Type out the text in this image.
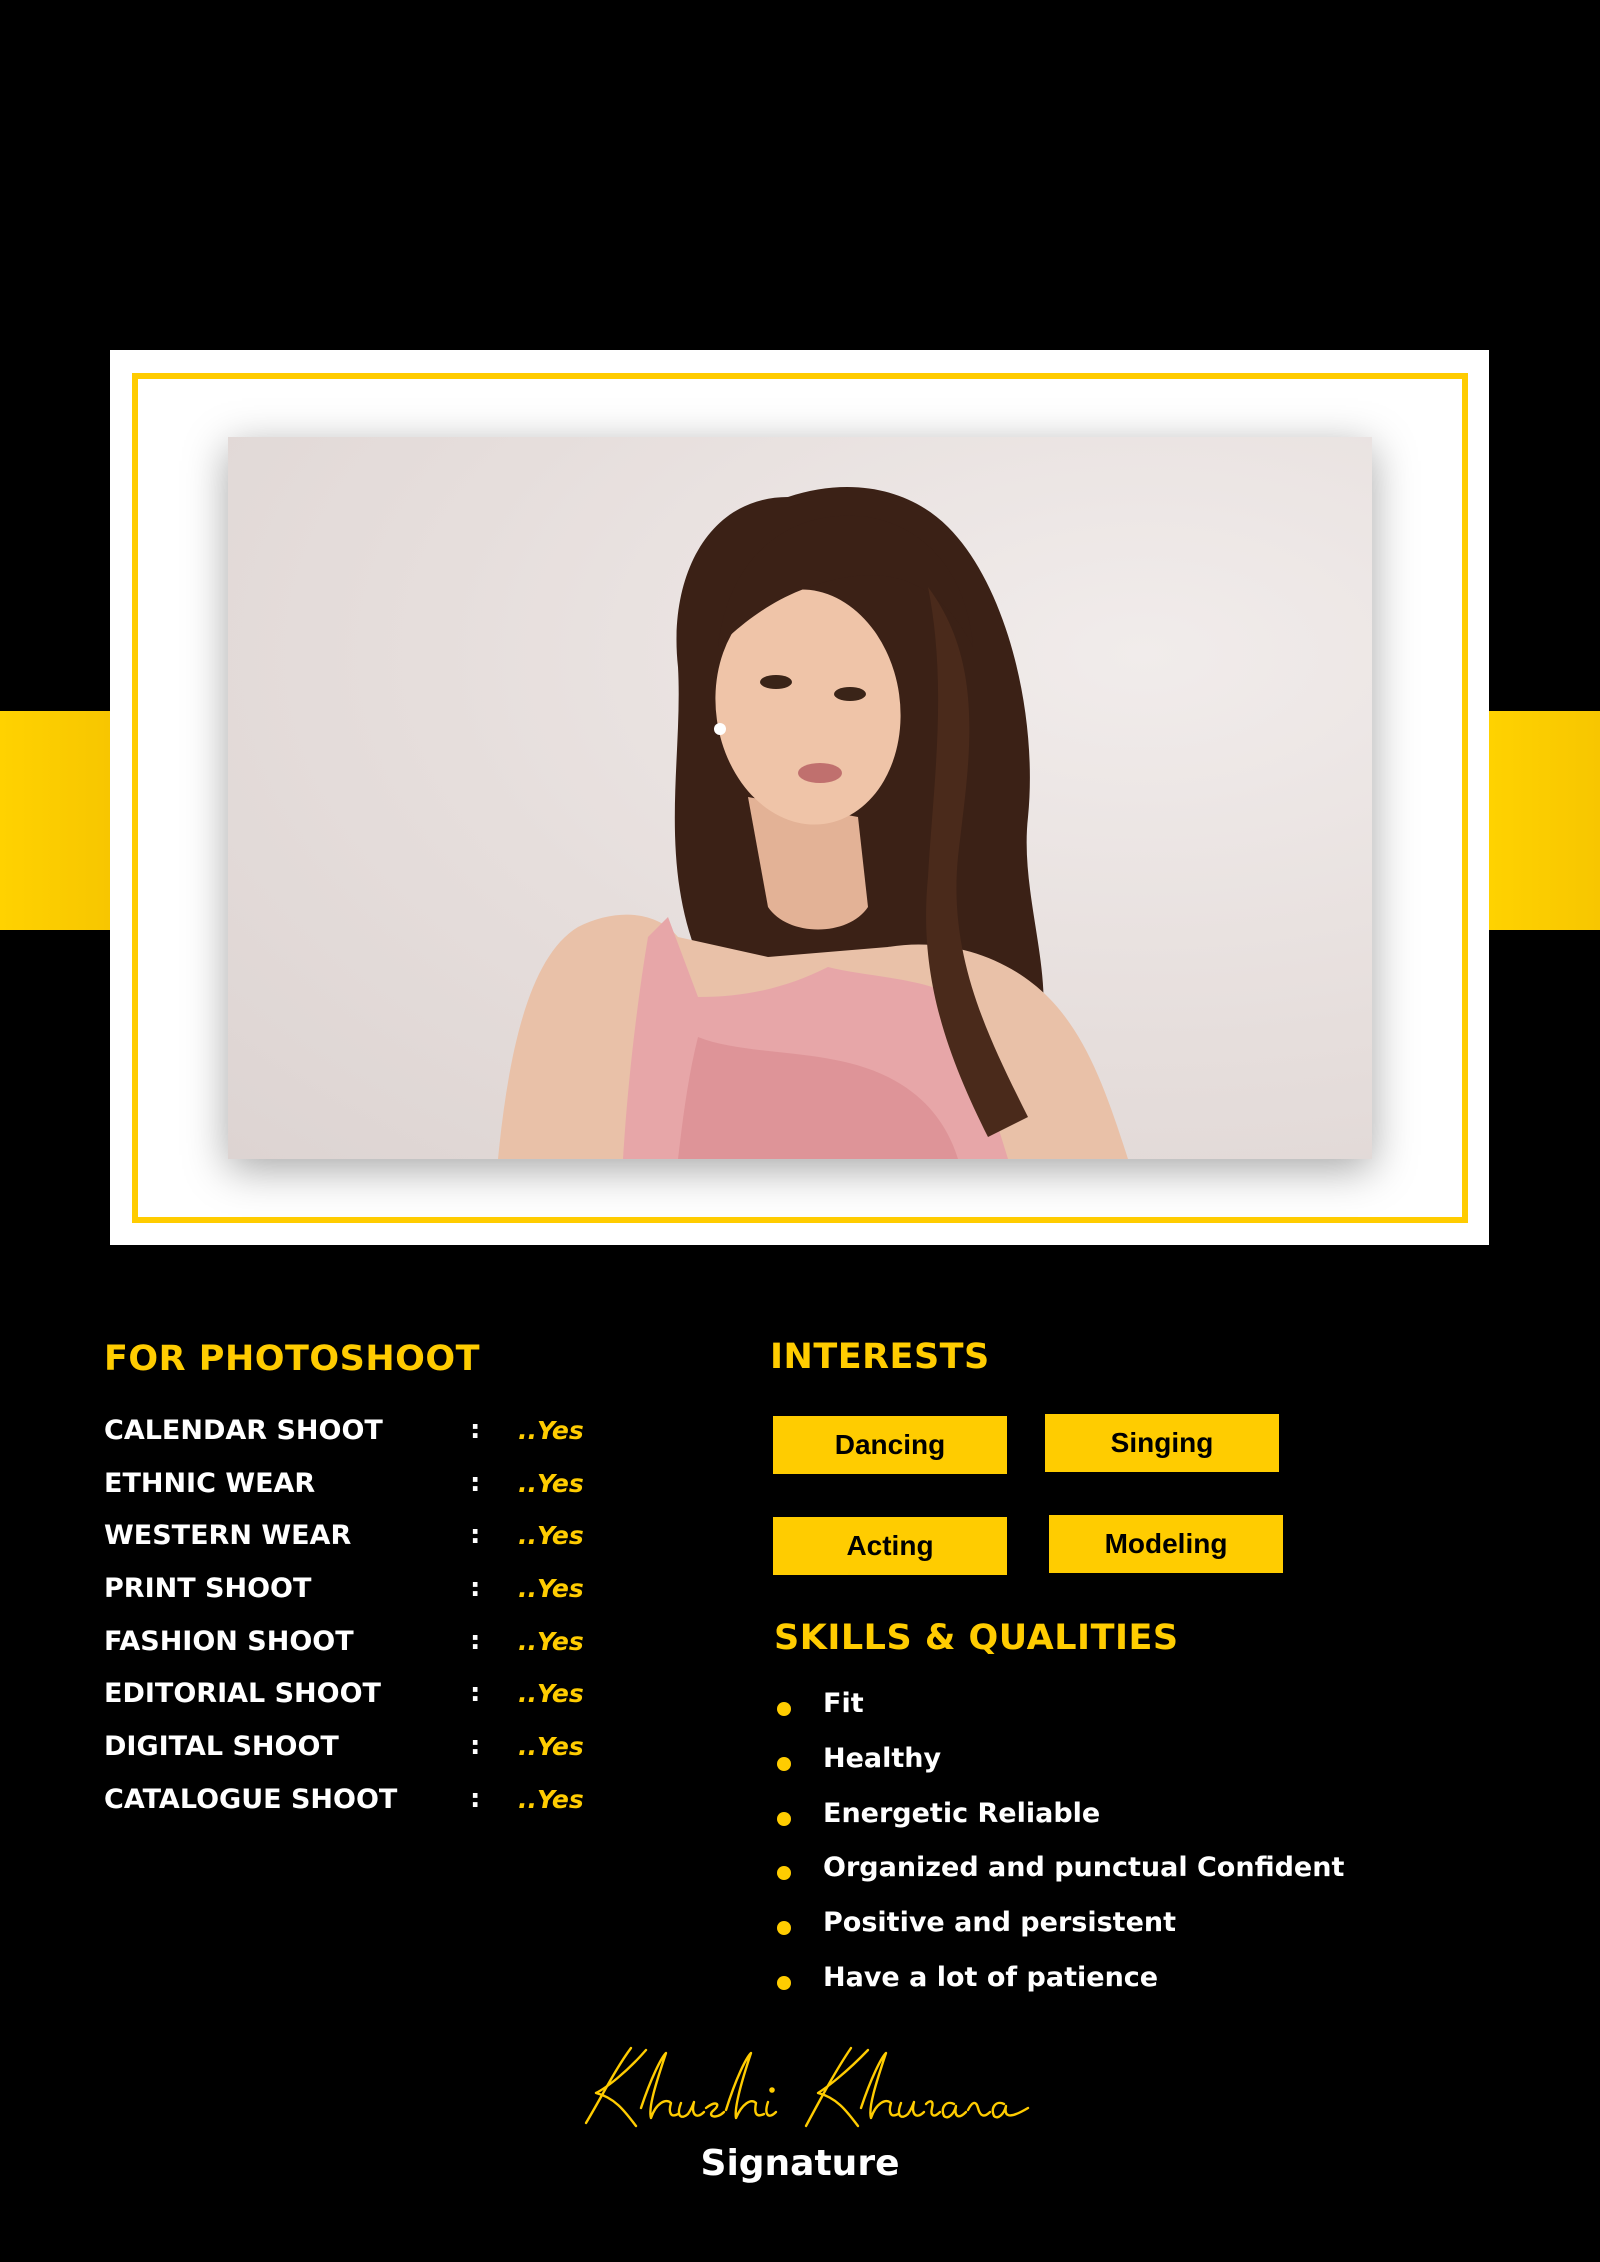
FOR PHOTOSHOOT
CALENDAR SHOOT	: ..Yes
ETHNIC WEAR	: ..Yes
WESTERN WEAR	: ..Yes
PRINT SHOOT	: ..Yes
FASHION SHOOT	: ..Yes
EDITORIAL SHOOT	: ..Yes
DIGITAL SHOOT	: ..Yes
CATALOGUE SHOOT	: ..Yes
INTERESTS
Dancing	Singing
Acting	Modeling
SKILLS & QUALITIES
Fit
Healthy
Energetic Reliable
Organized and punctual Confident
Positive and persistent
Have a lot of patience
Signature
